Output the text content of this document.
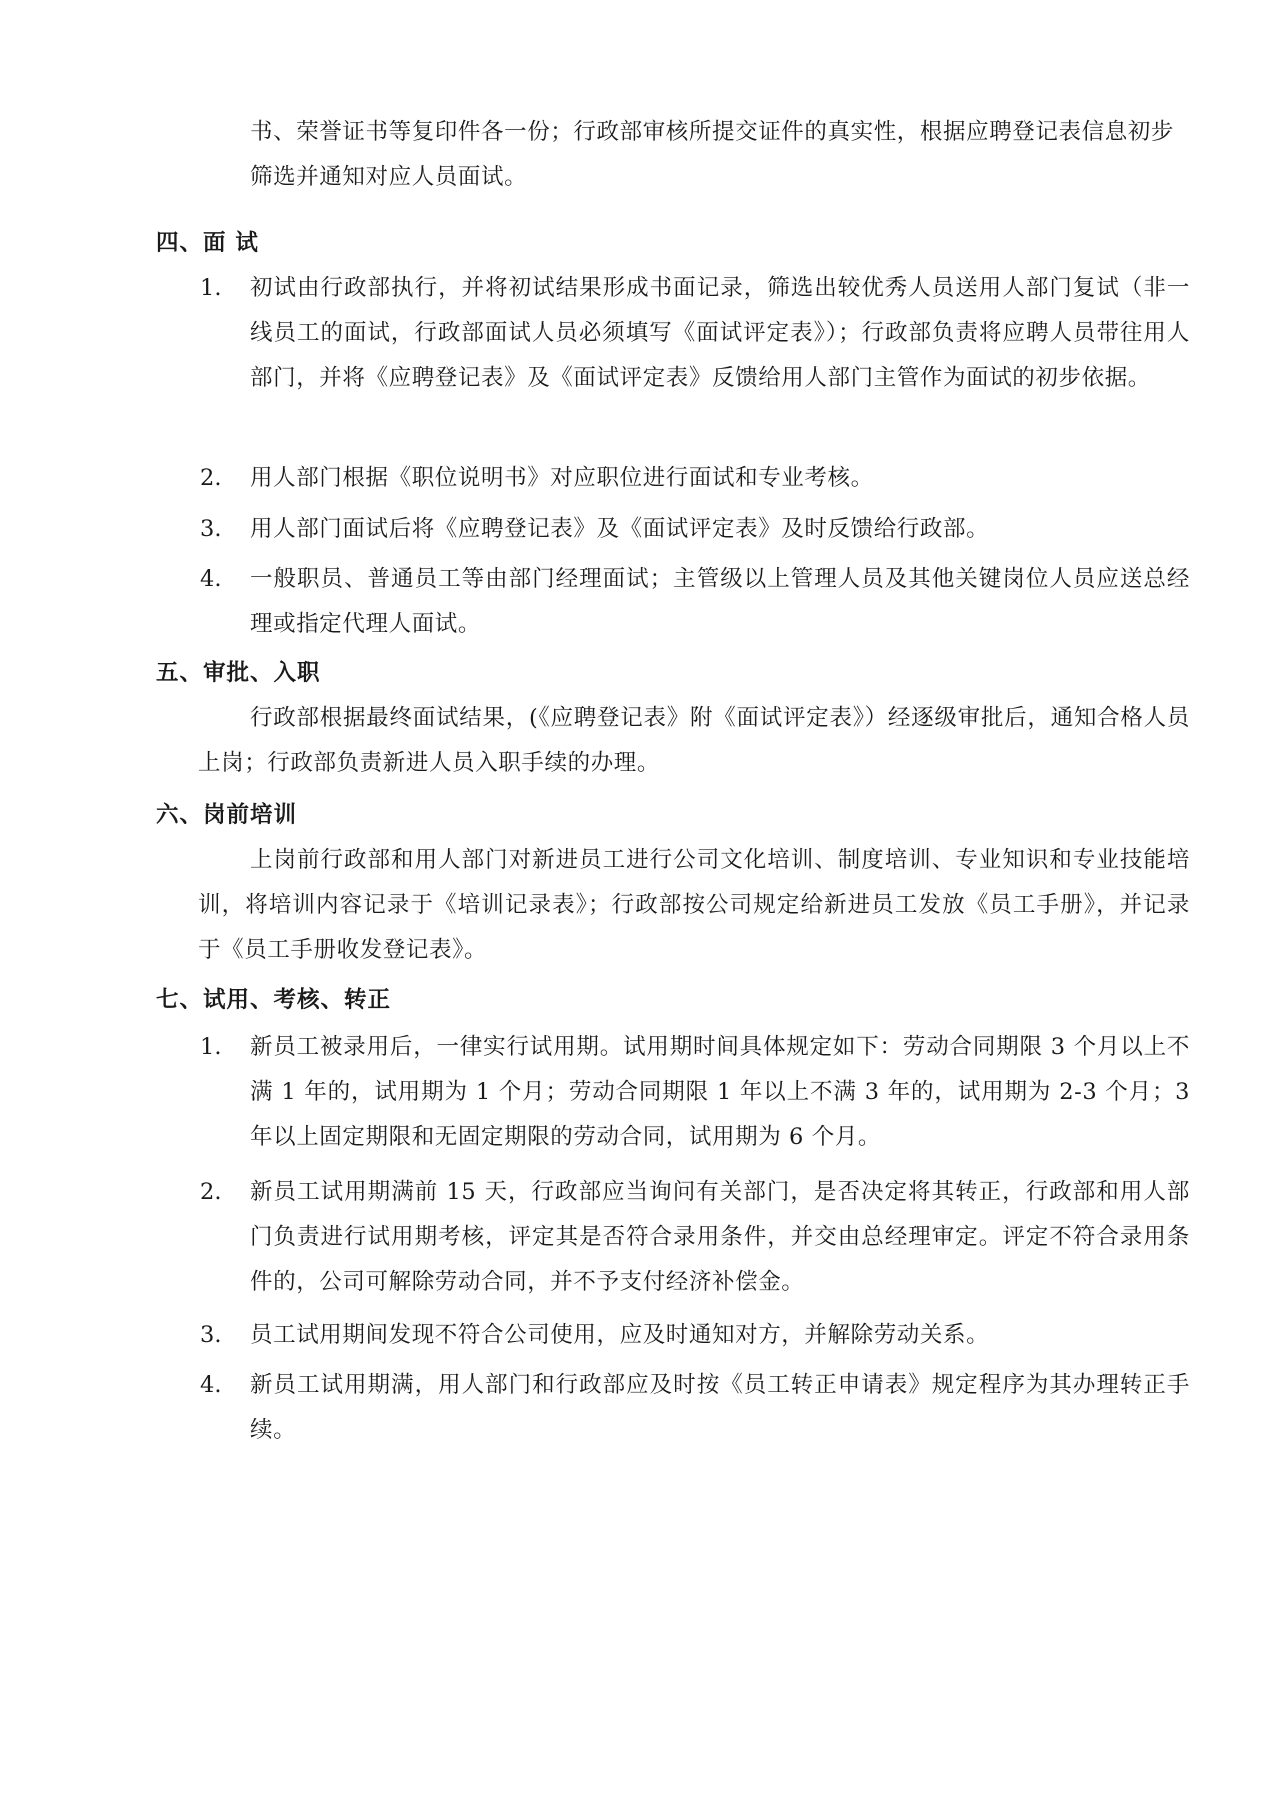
书、荣誉证书等复印件各一份；行政部审核所提交证件的真实性，根据应聘登记表信息初步筛选并通知对应人员面试。

四、面 试
1. 初试由行政部执行，并将初试结果形成书面记录，筛选出较优秀人员送用人部门复试（非一线员工的面试，行政部面试人员必须填写《面试评定表》）；行政部负责将应聘人员带往用人部门，并将《应聘登记表》及《面试评定表》反馈给用人部门主管作为面试的初步依据。

2. 用人部门根据《职位说明书》对应职位进行面试和专业考核。

3. 用人部门面试后将《应聘登记表》及《面试评定表》及时反馈给行政部。

4. 一般职员、普通员工等由部门经理面试；主管级以上管理人员及其他关键岗位人员应送总经理或指定代理人面试。

五、审批、入职

行政部根据最终面试结果，(《应聘登记表》附《面试评定表》）经逐级审批后，通知合格人员上岗；行政部负责新进人员入职手续的办理。

六、岗前培训

上岗前行政部和用人部门对新进员工进行公司文化培训、制度培训、专业知识和专业技能培训，将培训内容记录于《培训记录表》；行政部按公司规定给新进员工发放《员工手册》，并记录于《员工手册收发登记表》。

七、试用、考核、转正
1. 新员工被录用后，一律实行试用期。试用期时间具体规定如下：劳动合同期限 3 个月以上不满 1 年的，试用期为 1 个月；劳动合同期限 1 年以上不满 3 年的，试用期为 2-3 个月；3 年以上固定期限和无固定期限的劳动合同，试用期为 6 个月。

2. 新员工试用期满前 15 天，行政部应当询问有关部门，是否决定将其转正，行政部和用人部门负责进行试用期考核，评定其是否符合录用条件，并交由总经理审定。评定不符合录用条件的，公司可解除劳动合同，并不予支付经济补偿金。

3. 员工试用期间发现不符合公司使用，应及时通知对方，并解除劳动关系。

4. 新员工试用期满，用人部门和行政部应及时按《员工转正申请表》规定程序为其办理转正手续。
